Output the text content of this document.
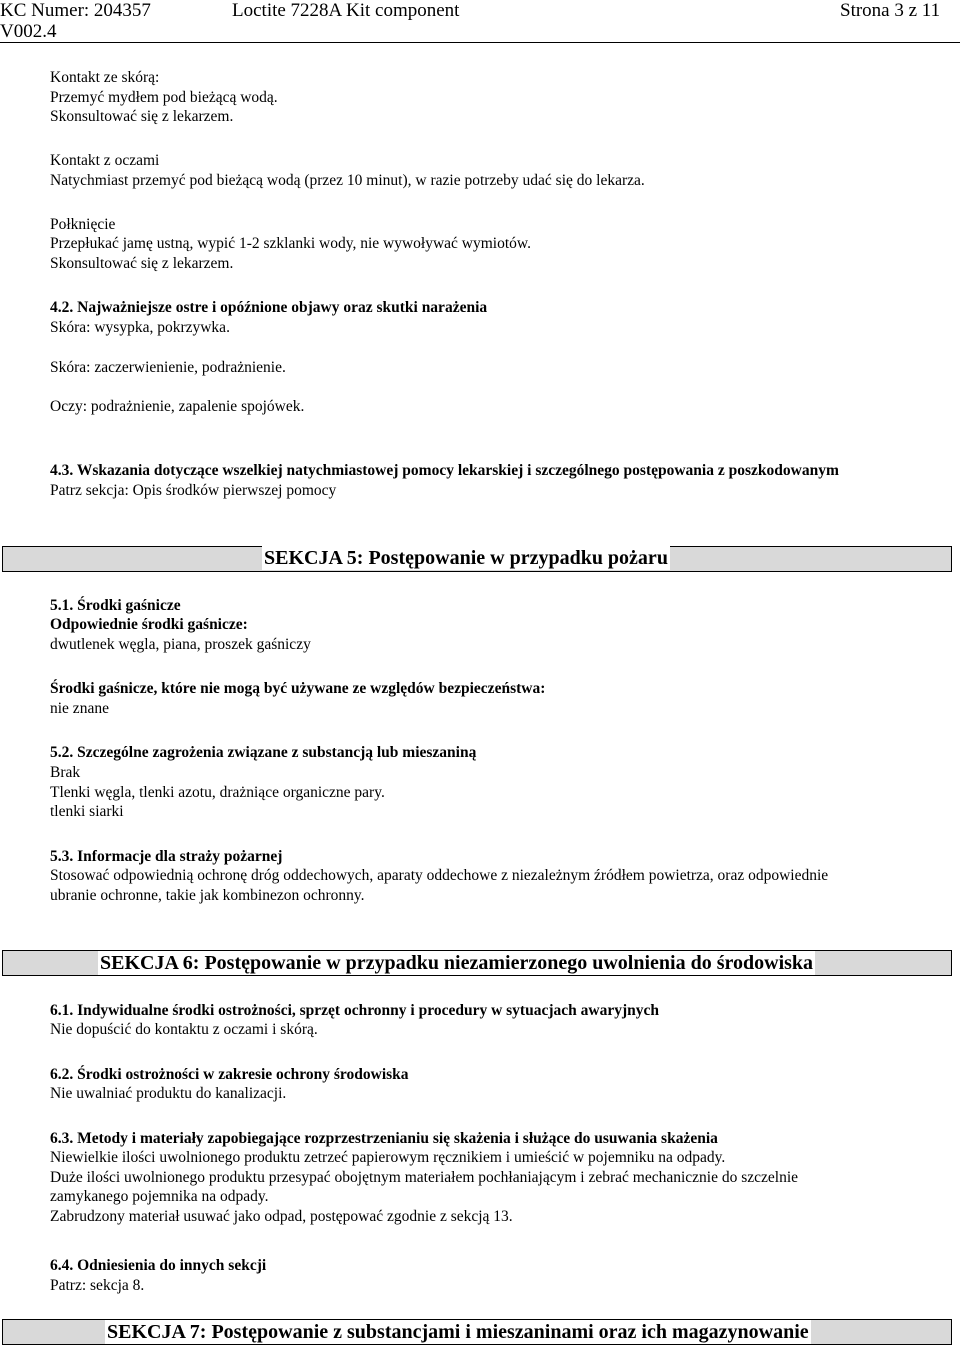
KC Numer: 204357
V002.4
Loctite 7228A Kit component	Strona 3 z 11
Kontakt ze skórą:
Przemyć mydłem pod bieżącą wodą.
Skonsultować się z lekarzem.
Kontakt z oczami
Natychmiast przemyć pod bieżącą wodą (przez 10 minut), w razie potrzeby udać się do lekarza.
Połknięcie
Przepłukać jamę ustną, wypić 1-2 szklanki wody, nie wywoływać wymiotów.
Skonsultować się z lekarzem.
4.2. Najważniejsze ostre i opóźnione objawy oraz skutki narażenia
Skóra: wysypka, pokrzywka.
Skóra: zaczerwienienie, podrażnienie.
Oczy: podrażnienie, zapalenie spojówek.
4.3. Wskazania dotyczące wszelkiej natychmiastowej pomocy lekarskiej i szczególnego postępowania z poszkodowanym
Patrz sekcja: Opis środków pierwszej pomocy
SEKCJA 5: Postępowanie w przypadku pożaru
5.1. Środki gaśnicze
Odpowiednie środki gaśnicze:
dwutlenek węgla, piana, proszek gaśniczy
Środki gaśnicze, które nie mogą być używane ze względów bezpieczeństwa:
nie znane
5.2. Szczególne zagrożenia związane z substancją lub mieszaniną
Brak
Tlenki węgla, tlenki azotu, drażniące organiczne pary.
tlenki siarki
5.3. Informacje dla straży pożarnej
Stosować odpowiednią ochronę dróg oddechowych, aparaty oddechowe z niezależnym źródłem powietrza, oraz odpowiednie
ubranie ochronne, takie jak kombinezon ochronny.
SEKCJA 6: Postępowanie w przypadku niezamierzonego uwolnienia do środowiska
6.1. Indywidualne środki ostrożności, sprzęt ochronny i procedury w sytuacjach awaryjnych
Nie dopuścić do kontaktu z oczami i skórą.
6.2. Środki ostrożności w zakresie ochrony środowiska
Nie uwalniać produktu do kanalizacji.
6.3. Metody i materiały zapobiegające rozprzestrzenianiu się skażenia i służące do usuwania skażenia
Niewielkie ilości uwolnionego produktu zetrzeć papierowym ręcznikiem i umieścić w pojemniku na odpady.
Duże ilości uwolnionego produktu przesypać obojętnym materiałem pochłaniającym i zebrać mechanicznie do szczelnie
zamykanego pojemnika na odpady.
Zabrudzony materiał usuwać jako odpad, postępować zgodnie z sekcją 13.
6.4. Odniesienia do innych sekcji
Patrz: sekcja 8.
SEKCJA 7: Postępowanie z substancjami i mieszaninami oraz ich magazynowanie
